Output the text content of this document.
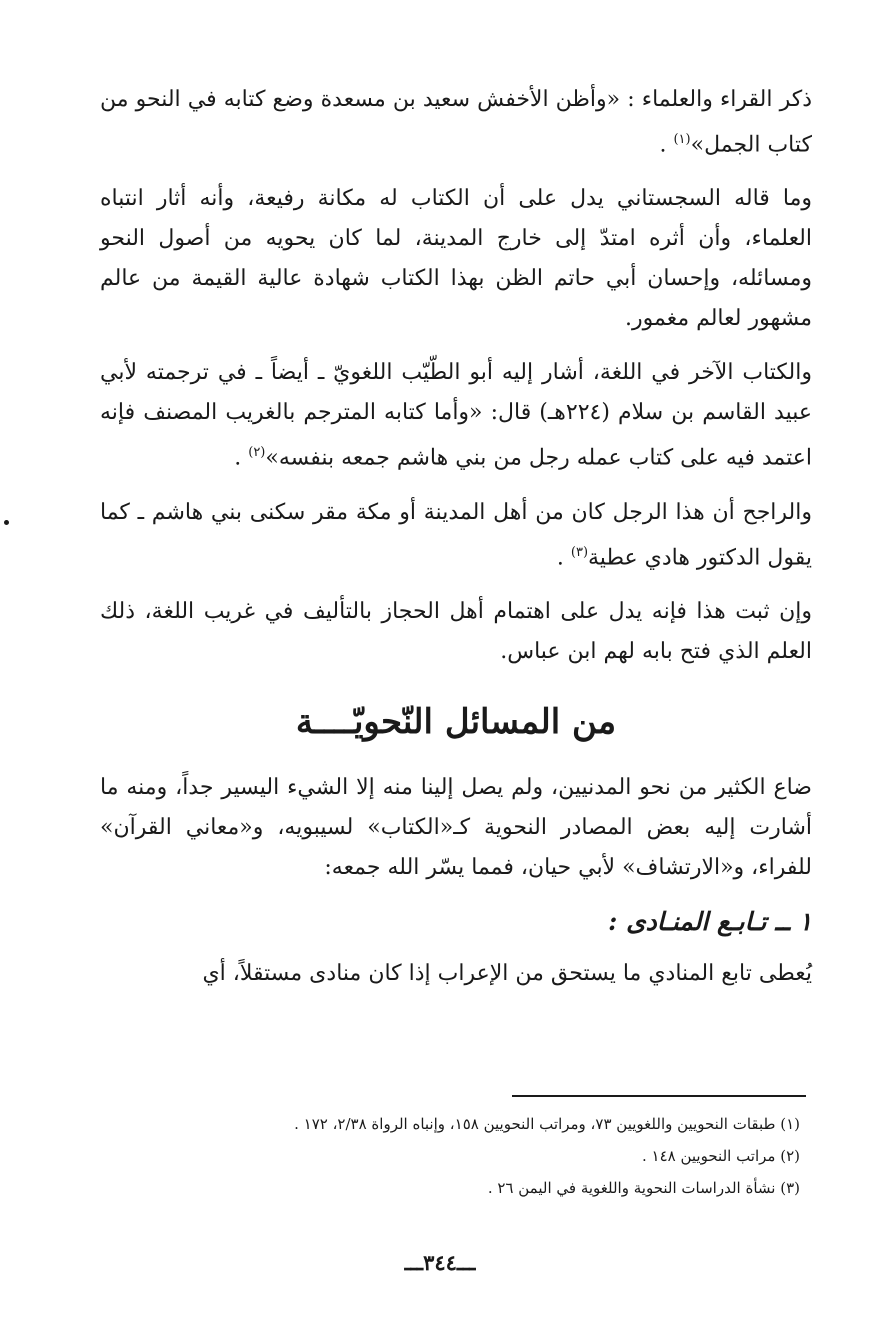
ذكر القراء والعلماء : «وأظن الأخفش سعيد بن مسعدة وضع كتابه في النحو من كتاب الجمل»$^{(١)}$ .

وما قاله السجستاني يدل على أن الكتاب له مكانة رفيعة، وأنه أثار انتباه العلماء، وأن أثره امتدّ إلى خارج المدينة، لما كان يحويه من أصول النحو ومسائله، وإحسان أبي حاتم الظن بهذا الكتاب شهادة عالية القيمة من عالم مشهور لعالم مغمور.

والكتاب الآخر في اللغة، أشار إليه أبو الطّيّب اللغويّ ـ أيضاً ـ في ترجمته لأبي عبيد القاسم بن سلام (٢٢٤هـ) قال: «وأما كتابه المترجم بالغريب المصنف فإنه اعتمد فيه على كتاب عمله رجل من بني هاشم جمعه بنفسه»$^{(٢)}$ .

والراجح أن هذا الرجل كان من أهل المدينة أو مكة مقر سكنى بني هاشم ـ كما يقول الدكتور هادي عطية$^{(٣)}$ .

وإن ثبت هذا فإنه يدل على اهتمام أهل الحجاز بالتأليف في غريب اللغة، ذلك العلم الذي فتح بابه لهم ابن عباس.

من المسائل النّحويّــــة

ضاع الكثير من نحو المدنيين، ولم يصل إلينا منه إلا الشيء اليسير جداً، ومنه ما أشارت إليه بعض المصادر النحوية كـ«الكتاب» لسيبويه، و«معاني القرآن» للفراء، و«الارتشاف» لأبي حيان، فمما يسّر الله جمعه:

١ ــ تـابـع المنـادى :

يُعطى تابع المنادي ما يستحق من الإعراب إذا كان منادى مستقلاً، أي

(١) طبقات النحويين واللغويين ٧٣، ومراتب النحويين ١٥٨، وإنباه الرواة ٢/٣٨، ١٧٢ .

(٢) مراتب النحويين ١٤٨ .

(٣) نشأة الدراسات النحوية واللغوية في اليمن ٢٦ .

ـــ٣٤٤ـــ
